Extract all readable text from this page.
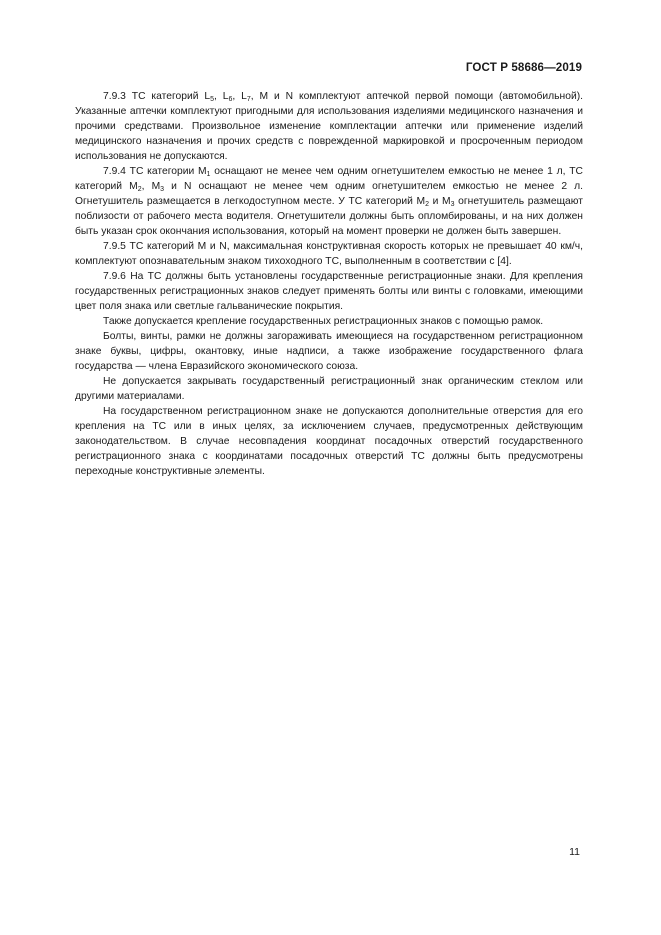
ГОСТ Р 58686—2019

7.9.3 ТС категорий $L_5$, $L_6$, $L_7$, М и N комплектуют аптечкой первой помощи (автомобильной). Указанные аптечки комплектуют пригодными для использования изделиями медицинского назначения и прочими средствами. Произвольное изменение комплектации аптечки или применение изделий медицинского назначения и прочих средств с поврежденной маркировкой и просроченным периодом использования не допускаются.

7.9.4 ТС категории $М_1$ оснащают не менее чем одним огнетушителем емкостью не менее 1 л, ТС категорий $М_2$, $М_3$ и N оснащают не менее чем одним огнетушителем емкостью не менее 2 л. Огнетушитель размещается в легкодоступном месте. У ТС категорий $М_2$ и $М_3$ огнетушитель размещают поблизости от рабочего места водителя. Огнетушители должны быть опломбированы, и на них должен быть указан срок окончания использования, который на момент проверки не должен быть завершен.

7.9.5 ТС категорий М и N, максимальная конструктивная скорость которых не превышает 40 км/ч, комплектуют опознавательным знаком тихоходного ТС, выполненным в соответствии с [4].

7.9.6 На ТС должны быть установлены государственные регистрационные знаки. Для крепления государственных регистрационных знаков следует применять болты или винты с головками, имеющими цвет поля знака или светлые гальванические покрытия.

Также допускается крепление государственных регистрационных знаков с помощью рамок.

Болты, винты, рамки не должны загораживать имеющиеся на государственном регистрационном знаке буквы, цифры, окантовку, иные надписи, а также изображение государственного флага государства — члена Евразийского экономического союза.

Не допускается закрывать государственный регистрационный знак органическим стеклом или другими материалами.

На государственном регистрационном знаке не допускаются дополнительные отверстия для его крепления на ТС или в иных целях, за исключением случаев, предусмотренных действующим законодательством. В случае несовпадения координат посадочных отверстий государственного регистрационного знака с координатами посадочных отверстий ТС должны быть предусмотрены переходные конструктивные элементы.

11
